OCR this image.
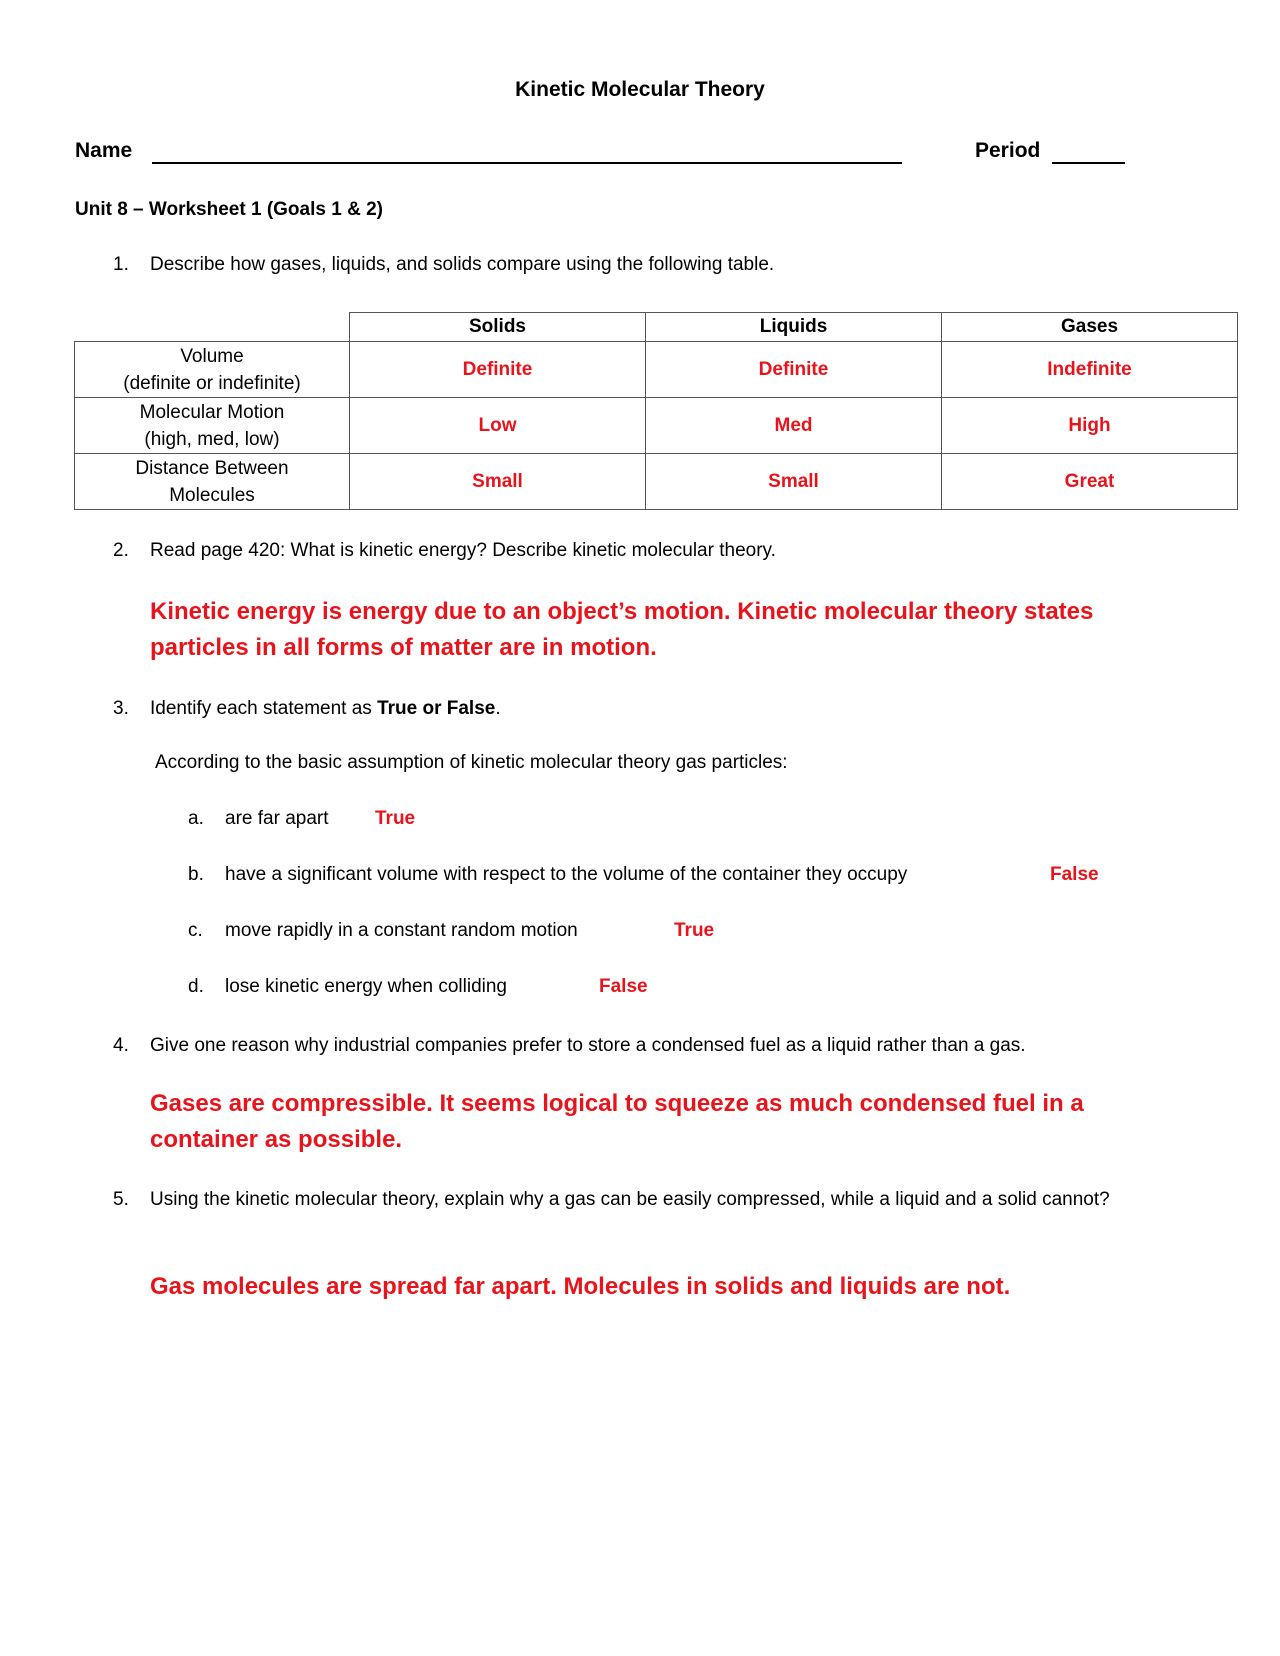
Kinetic Molecular Theory
Name	Period
Unit 8 – Worksheet 1 (Goals 1 & 2)
1. Describe how gases, liquids, and solids compare using the following table.
	Solids	Liquids	Gases

Volume
(definite or indefinite)	Definite	Definite	Indefinite

Molecular Motion
(high, med, low)	Low	Med	High

Distance Between
Molecules	Small	Small	Great
2. Read page 420: What is kinetic energy? Describe kinetic molecular theory.
Kinetic energy is energy due to an object’s motion. Kinetic molecular theory states particles in all forms of matter are in motion.
3. Identify each statement as True or False.
According to the basic assumption of kinetic molecular theory gas particles:
a. are far apart True
b. have a significant volume with respect to the volume of the container they occupy	False
c. move rapidly in a constant random motion	True
d. lose kinetic energy when colliding	False
4. Give one reason why industrial companies prefer to store a condensed fuel as a liquid rather than a gas.
Gases are compressible. It seems logical to squeeze as much condensed fuel in a container as possible.
5. Using the kinetic molecular theory, explain why a gas can be easily compressed, while a liquid and a solid cannot?
Gas molecules are spread far apart. Molecules in solids and liquids are not.
